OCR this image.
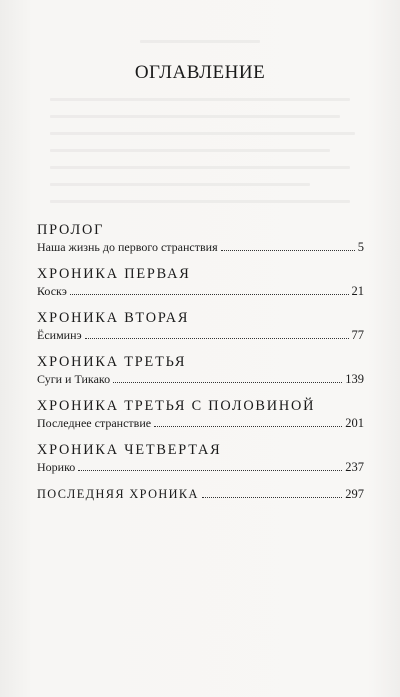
ОГЛАВЛЕНИЕ
ПРОЛОГ
Наша жизнь до первого странствия	5
ХРОНИКА ПЕРВАЯ
Коскэ	21
ХРОНИКА ВТОРАЯ
Ёсиминэ	77
ХРОНИКА ТРЕТЬЯ
Суги и Тикако	139
ХРОНИКА ТРЕТЬЯ С ПОЛОВИНОЙ
Последнее странствие	201
ХРОНИКА ЧЕТВЕРТАЯ
Норико	237
ПОСЛЕДНЯЯ ХРОНИКА	297
